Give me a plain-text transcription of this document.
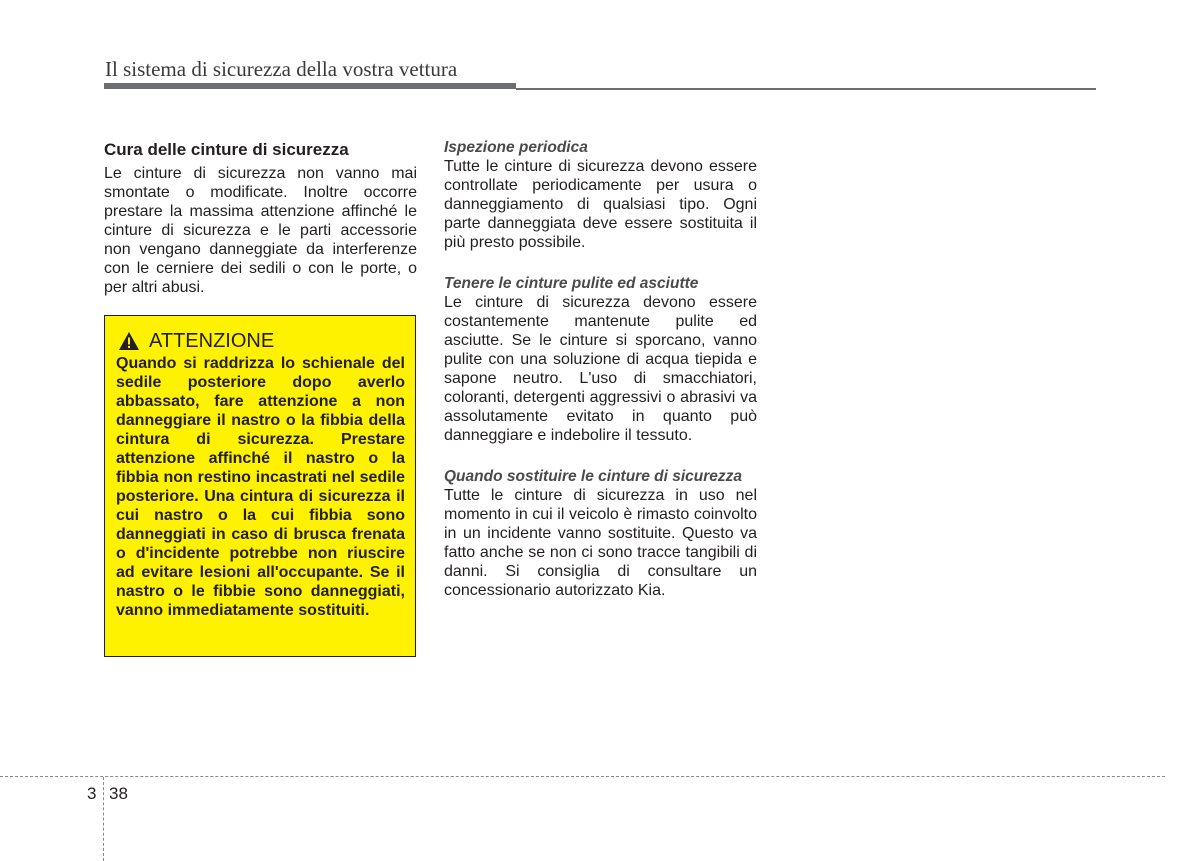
Il sistema di sicurezza della vostra vettura
Cura delle cinture di sicurezza

Le cinture di sicurezza non vanno mai smontate o modificate. Inoltre occorre prestare la massima attenzione affinché le cinture di sicurezza e le parti accessorie non vengano danneggiate da interferenze con le cerniere dei sedili o con le porte, o per altri abusi.

ATTENZIONE

Quando si raddrizza lo schienale del sedile posteriore dopo averlo abbassato, fare attenzione a non danneggiare il nastro o la fibbia della cintura di sicurezza. Prestare attenzione affinché il nastro o la fibbia non restino incastrati nel sedile posteriore. Una cintura di sicurezza il cui nastro o la cui fibbia sono danneggiati in caso di brusca frenata o d'incidente potrebbe non riuscire ad evitare lesioni all'occupante. Se il nastro o le fibbie sono danneggiati, vanno immediatamente sostituiti.

Ispezione periodica

Tutte le cinture di sicurezza devono essere controllate periodicamente per usura o danneggiamento di qualsiasi tipo. Ogni parte danneggiata deve essere sostituita il più presto possibile.

Tenere le cinture pulite ed asciutte

Le cinture di sicurezza devono essere costantemente mantenute pulite ed asciutte. Se le cinture si sporcano, vanno pulite con una soluzione di acqua tiepida e sapone neutro. L'uso di smacchiatori, coloranti, detergenti aggressivi o abrasivi va assolutamente evitato in quanto può danneggiare e indebolire il tessuto.

Quando sostituire le cinture di sicurezza

Tutte le cinture di sicurezza in uso nel momento in cui il veicolo è rimasto coinvolto in un incidente vanno sostituite. Questo va fatto anche se non ci sono tracce tangibili di danni. Si consiglia di consultare un concessionario autorizzato Kia.

3 38
